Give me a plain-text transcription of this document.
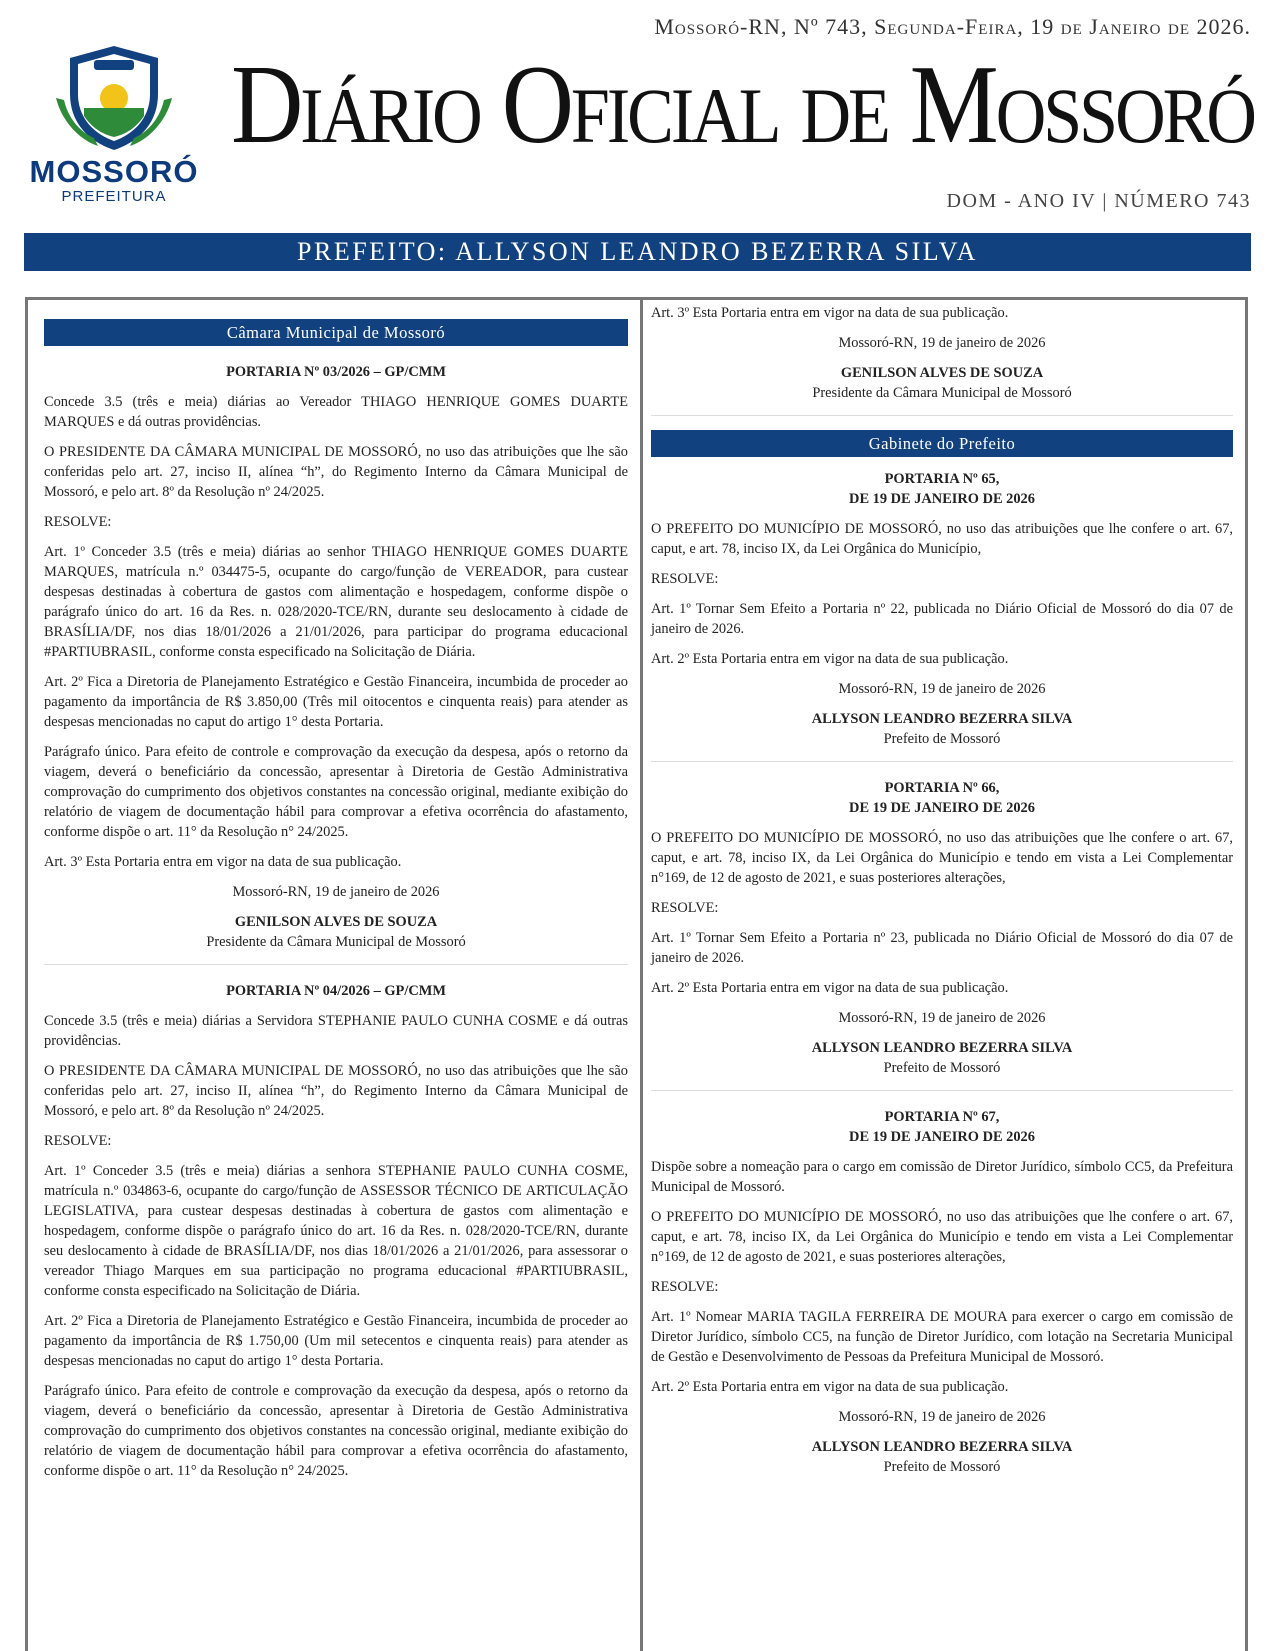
MOSSORÓ
PREFEITURA
Mossoró-RN, Nº 743, Segunda-Feira, 19 de Janeiro de 2026.
Diário Oficial de Mossoró
DOM - ANO IV | NÚMERO 743
PREFEITO: ALLYSON LEANDRO BEZERRA SILVA
Câmara Municipal de Mossoró
PORTARIA Nº 03/2026 – GP/CMM

Concede 3.5 (três e meia) diárias ao Vereador THIAGO HENRIQUE GOMES DUARTE MARQUES e dá outras providências.

O PRESIDENTE DA CÂMARA MUNICIPAL DE MOSSORÓ, no uso das atribuições que lhe são conferidas pelo art. 27, inciso II, alínea “h”, do Regimento Interno da Câmara Municipal de Mossoró, e pelo art. 8º da Resolução nº 24/2025.

RESOLVE:

Art. 1º Conceder 3.5 (três e meia) diárias ao senhor THIAGO HENRIQUE GOMES DUARTE MARQUES, matrícula n.º 034475-5, ocupante do cargo/função de VEREADOR, para custear despesas destinadas à cobertura de gastos com alimentação e hospedagem, conforme dispõe o parágrafo único do art. 16 da Res. n. 028/2020-TCE/RN, durante seu deslocamento à cidade de BRASÍLIA/DF, nos dias 18/01/2026 a 21/01/2026, para participar do programa educacional #PARTIUBRASIL, conforme consta especificado na Solicitação de Diária.

Art. 2º Fica a Diretoria de Planejamento Estratégico e Gestão Financeira, incumbida de proceder ao pagamento da importância de R$ 3.850,00 (Três mil oitocentos e cinquenta reais) para atender as despesas mencionadas no caput do artigo 1° desta Portaria.

Parágrafo único. Para efeito de controle e comprovação da execução da despesa, após o retorno da viagem, deverá o beneficiário da concessão, apresentar à Diretoria de Gestão Administrativa comprovação do cumprimento dos objetivos constantes na concessão original, mediante exibição do relatório de viagem de documentação hábil para comprovar a efetiva ocorrência do afastamento, conforme dispõe o art. 11° da Resolução n° 24/2025.

Art. 3º Esta Portaria entra em vigor na data de sua publicação.

Mossoró-RN, 19 de janeiro de 2026

GENILSON ALVES DE SOUZA
Presidente da Câmara Municipal de Mossoró
PORTARIA Nº 04/2026 – GP/CMM

Concede 3.5 (três e meia) diárias a Servidora STEPHANIE PAULO CUNHA COSME e dá outras providências.

O PRESIDENTE DA CÂMARA MUNICIPAL DE MOSSORÓ, no uso das atribuições que lhe são conferidas pelo art. 27, inciso II, alínea “h”, do Regimento Interno da Câmara Municipal de Mossoró, e pelo art. 8º da Resolução nº 24/2025.

RESOLVE:

Art. 1º Conceder 3.5 (três e meia) diárias a senhora STEPHANIE PAULO CUNHA COSME, matrícula n.º 034863-6, ocupante do cargo/função de ASSESSOR TÉCNICO DE ARTICULAÇÃO LEGISLATIVA, para custear despesas destinadas à cobertura de gastos com alimentação e hospedagem, conforme dispõe o parágrafo único do art. 16 da Res. n. 028/2020-TCE/RN, durante seu deslocamento à cidade de BRASÍLIA/DF, nos dias 18/01/2026 a 21/01/2026, para assessorar o vereador Thiago Marques em sua participação no programa educacional #PARTIUBRASIL, conforme consta especificado na Solicitação de Diária.

Art. 2º Fica a Diretoria de Planejamento Estratégico e Gestão Financeira, incumbida de proceder ao pagamento da importância de R$ 1.750,00 (Um mil setecentos e cinquenta reais) para atender as despesas mencionadas no caput do artigo 1° desta Portaria.

Parágrafo único. Para efeito de controle e comprovação da execução da despesa, após o retorno da viagem, deverá o beneficiário da concessão, apresentar à Diretoria de Gestão Administrativa comprovação do cumprimento dos objetivos constantes na concessão original, mediante exibição do relatório de viagem de documentação hábil para comprovar a efetiva ocorrência do afastamento, conforme dispõe o art. 11° da Resolução n° 24/2025.

Art. 3º Esta Portaria entra em vigor na data de sua publicação.

Mossoró-RN, 19 de janeiro de 2026

GENILSON ALVES DE SOUZA
Presidente da Câmara Municipal de Mossoró
Gabinete do Prefeito
PORTARIA Nº 65,
DE 19 DE JANEIRO DE 2026

O PREFEITO DO MUNICÍPIO DE MOSSORÓ, no uso das atribuições que lhe confere o art. 67, caput, e art. 78, inciso IX, da Lei Orgânica do Município,

RESOLVE:

Art. 1º Tornar Sem Efeito a Portaria nº 22, publicada no Diário Oficial de Mossoró do dia 07 de janeiro de 2026.

Art. 2º Esta Portaria entra em vigor na data de sua publicação.

Mossoró-RN, 19 de janeiro de 2026

ALLYSON LEANDRO BEZERRA SILVA
Prefeito de Mossoró
PORTARIA Nº 66,
DE 19 DE JANEIRO DE 2026

O PREFEITO DO MUNICÍPIO DE MOSSORÓ, no uso das atribuições que lhe confere o art. 67, caput, e art. 78, inciso IX, da Lei Orgânica do Município e tendo em vista a Lei Complementar n°169, de 12 de agosto de 2021, e suas posteriores alterações,

RESOLVE:

Art. 1º Tornar Sem Efeito a Portaria nº 23, publicada no Diário Oficial de Mossoró do dia 07 de janeiro de 2026.

Art. 2º Esta Portaria entra em vigor na data de sua publicação.

Mossoró-RN, 19 de janeiro de 2026

ALLYSON LEANDRO BEZERRA SILVA
Prefeito de Mossoró
PORTARIA Nº 67,
DE 19 DE JANEIRO DE 2026

Dispõe sobre a nomeação para o cargo em comissão de Diretor Jurídico, símbolo CC5, da Prefeitura Municipal de Mossoró.

O PREFEITO DO MUNICÍPIO DE MOSSORÓ, no uso das atribuições que lhe confere o art. 67, caput, e art. 78, inciso IX, da Lei Orgânica do Município e tendo em vista a Lei Complementar n°169, de 12 de agosto de 2021, e suas posteriores alterações,

RESOLVE:

Art. 1º Nomear MARIA TAGILA FERREIRA DE MOURA para exercer o cargo em comissão de Diretor Jurídico, símbolo CC5, na função de Diretor Jurídico, com lotação na Secretaria Municipal de Gestão e Desenvolvimento de Pessoas da Prefeitura Municipal de Mossoró.

Art. 2º Esta Portaria entra em vigor na data de sua publicação.

Mossoró-RN, 19 de janeiro de 2026

ALLYSON LEANDRO BEZERRA SILVA
Prefeito de Mossoró
